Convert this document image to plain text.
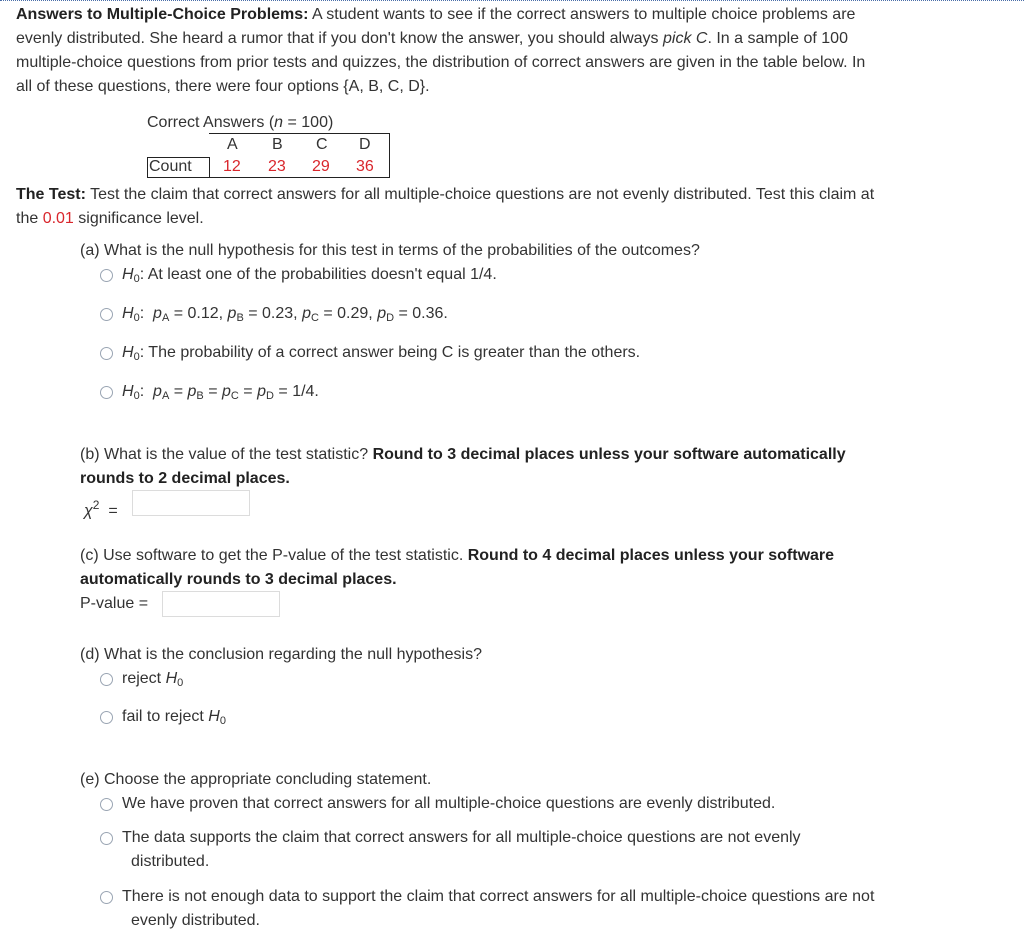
Answers to Multiple-Choice Problems: A student wants to see if the correct answers to multiple choice problems are
evenly distributed. She heard a rumor that if you don't know the answer, you should always pick C. In a sample of 100
multiple-choice questions from prior tests and quizzes, the distribution of correct answers are given in the table below. In
all of these questions, there were four options {A, B, C, D}.
Correct Answers (n = 100)
Count
A B C D
12 23 29 36
The Test: Test the claim that correct answers for all multiple-choice questions are not evenly distributed. Test this claim at
the 0.01 significance level.
(a) What is the null hypothesis for this test in terms of the probabilities of the outcomes?
$H_0$: At least one of the probabilities doesn't equal 1/4.
$H_0$:  $p_A = 0.12$, $p_B = 0.23$, $p_C = 0.29$, $p_D = 0.36$.
$H_0$: The probability of a correct answer being C is greater than the others.
$H_0$:  $p_A = p_B = p_C = p_D = 1/4$.
(b) What is the value of the test statistic? Round to 3 decimal places unless your software automatically
rounds to 2 decimal places.
$\chi^2$  =
(c) Use software to get the P-value of the test statistic. Round to 4 decimal places unless your software
automatically rounds to 3 decimal places.
P-value =
(d) What is the conclusion regarding the null hypothesis?
reject $H_0$
fail to reject $H_0$
(e) Choose the appropriate concluding statement.
We have proven that correct answers for all multiple-choice questions are evenly distributed.
The data supports the claim that correct answers for all multiple-choice questions are not evenly
distributed.
There is not enough data to support the claim that correct answers for all multiple-choice questions are not
evenly distributed.
